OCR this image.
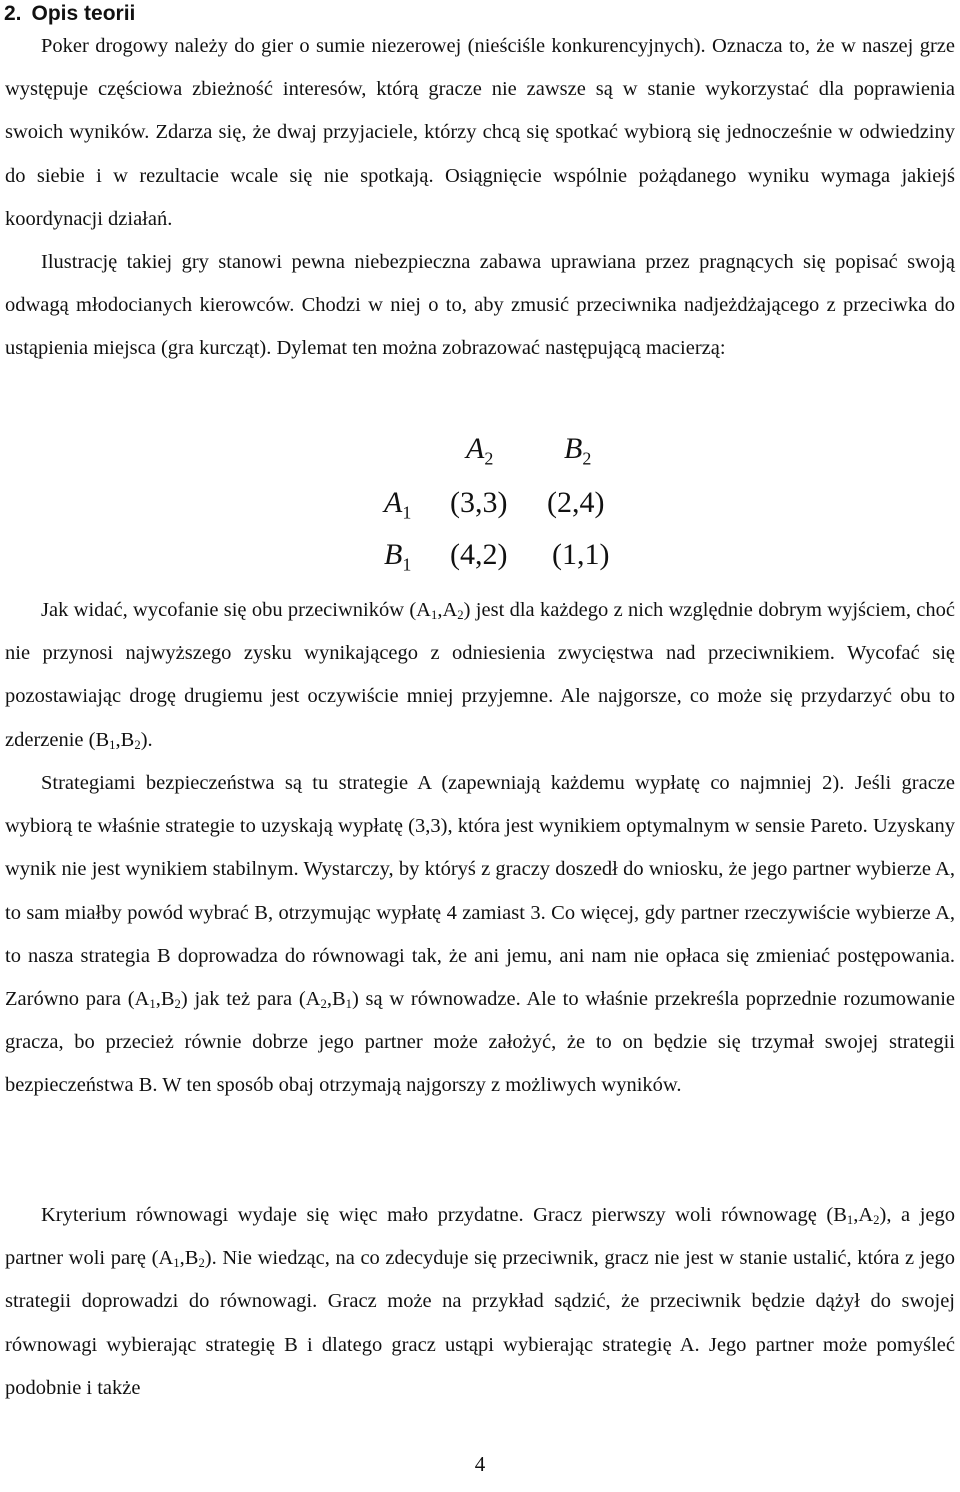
2. Opis teorii

Poker drogowy należy do gier o sumie niezerowej (nieściśle konkurencyjnych). Oznacza to, że w naszej grze występuje częściowa zbieżność interesów, którą gracze nie zawsze są w stanie wykorzystać dla poprawienia swoich wyników. Zdarza się, że dwaj przyjaciele, którzy chcą się spotkać wybiorą się jednocześnie w odwiedziny do siebie i w rezultacie wcale się nie spotkają. Osiągnięcie wspólnie pożądanego wyniku wymaga jakiejś koordynacji działań.

Ilustrację takiej gry stanowi pewna niebezpieczna zabawa uprawiana przez pragnących się popisać swoją odwagą młodocianych kierowców. Chodzi w niej o to, aby zmusić przeciwnika nadjeżdżającego z przeciwka do ustąpienia miejsca (gra kurcząt). Dylemat ten można zobrazować następującą macierzą:

$A_2$ $B_2$
$A_1$ (3,3) (2,4)
$B_1$ (4,2) (1,1)

Jak widać, wycofanie się obu przeciwników $(A_1,A_2)$ jest dla każdego z nich względnie dobrym wyjściem, choć nie przynosi najwyższego zysku wynikającego z odniesienia zwycięstwa nad przeciwnikiem. Wycofać się pozostawiając drogę drugiemu jest oczywiście mniej przyjemne. Ale najgorsze, co może się przydarzyć obu to zderzenie $(B_1,B_2)$.

Strategiami bezpieczeństwa są tu strategie A (zapewniają każdemu wypłatę co najmniej 2). Jeśli gracze wybiorą te właśnie strategie to uzyskają wypłatę (3,3), która jest wynikiem optymalnym w sensie Pareto. Uzyskany wynik nie jest wynikiem stabilnym. Wystarczy, by któryś z graczy doszedł do wniosku, że jego partner wybierze A, to sam miałby powód wybrać B, otrzymując wypłatę 4 zamiast 3. Co więcej, gdy partner rzeczywiście wybierze A, to nasza strategia B doprowadza do równowagi tak, że ani jemu, ani nam nie opłaca się zmieniać postępowania. Zarówno para $(A_1,B_2)$ jak też para $(A_2,B_1)$ są w równowadze. Ale to właśnie przekreśla poprzednie rozumowanie gracza, bo przecież równie dobrze jego partner może założyć, że to on będzie się trzymał swojej strategii bezpieczeństwa B. W ten sposób obaj otrzymają najgorszy z możliwych wyników.

Kryterium równowagi wydaje się więc mało przydatne. Gracz pierwszy woli równowagę $(B_1,A_2)$, a jego partner woli parę $(A_1,B_2)$. Nie wiedząc, na co zdecyduje się przeciwnik, gracz nie jest w stanie ustalić, która z jego strategii doprowadzi do równowagi. Gracz może na przykład sądzić, że przeciwnik będzie dążył do swojej równowagi wybierając strategię B i dlatego gracz ustąpi wybierając strategię A. Jego partner może pomyśleć podobnie i także

4
